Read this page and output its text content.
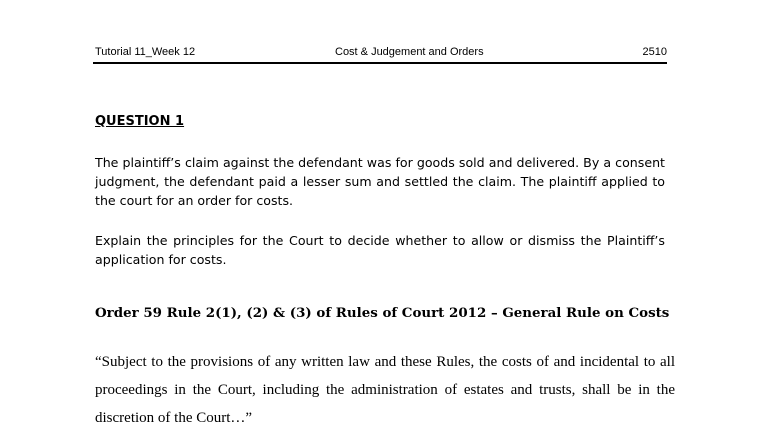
Tutorial 11_Week 12	Cost & Judgement and Orders	2510
QUESTION 1

The plaintiff’s claim against the defendant was for goods sold and delivered. By a consent judgment, the defendant paid a lesser sum and settled the claim. The plaintiff applied to the court for an order for costs.

Explain the principles for the Court to decide whether to allow or dismiss the Plaintiff’s application for costs.

Order 59 Rule 2(1), (2) & (3) of Rules of Court 2012 – General Rule on Costs

“Subject to the provisions of any written law and these Rules, the costs of and incidental to all proceedings in the Court, including the administration of estates and trusts, shall be in the discretion of the Court…”
